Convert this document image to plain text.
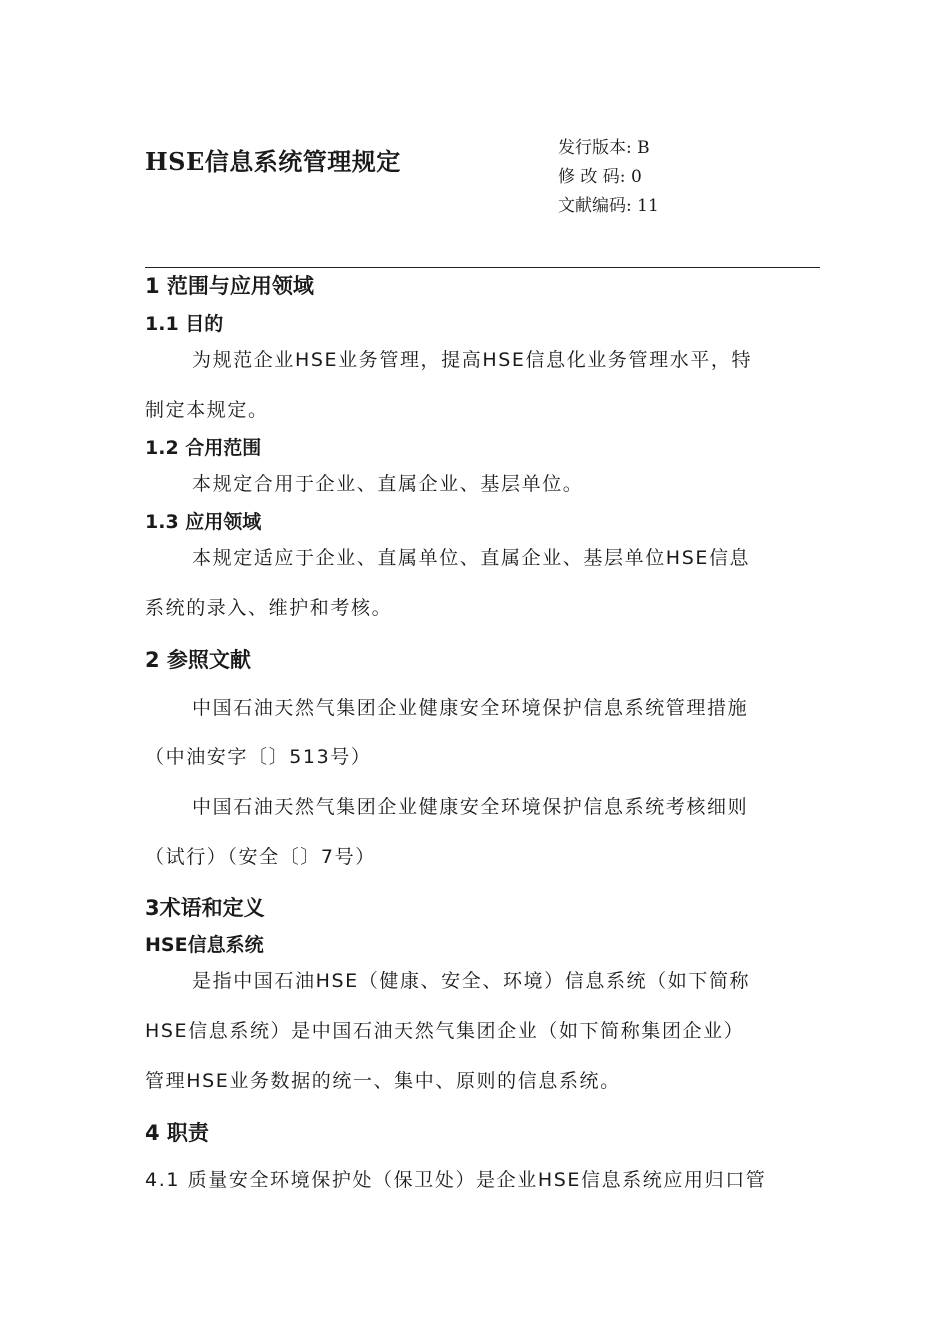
HSE信息系统管理规定	发行版本: B
修 改 码: 0
文献编码: 11
1 范围与应用领域
1.1 目的
为规范企业HSE业务管理，提高HSE信息化业务管理水平，特
制定本规定。
1.2 合用范围
本规定合用于企业、直属企业、基层单位。
1.3 应用领域
本规定适应于企业、直属单位、直属企业、基层单位HSE信息
系统的录入、维护和考核。
2 参照文献
中国石油天然气集团企业健康安全环境保护信息系统管理措施
（中油安字〔〕513号）
中国石油天然气集团企业健康安全环境保护信息系统考核细则
（试行）（安全〔〕7号）
3术语和定义
HSE信息系统
是指中国石油HSE（健康、安全、环境）信息系统（如下简称
HSE信息系统）是中国石油天然气集团企业（如下简称集团企业）
管理HSE业务数据的统一、集中、原则的信息系统。
4 职责
4.1 质量安全环境保护处（保卫处）是企业HSE信息系统应用归口管
